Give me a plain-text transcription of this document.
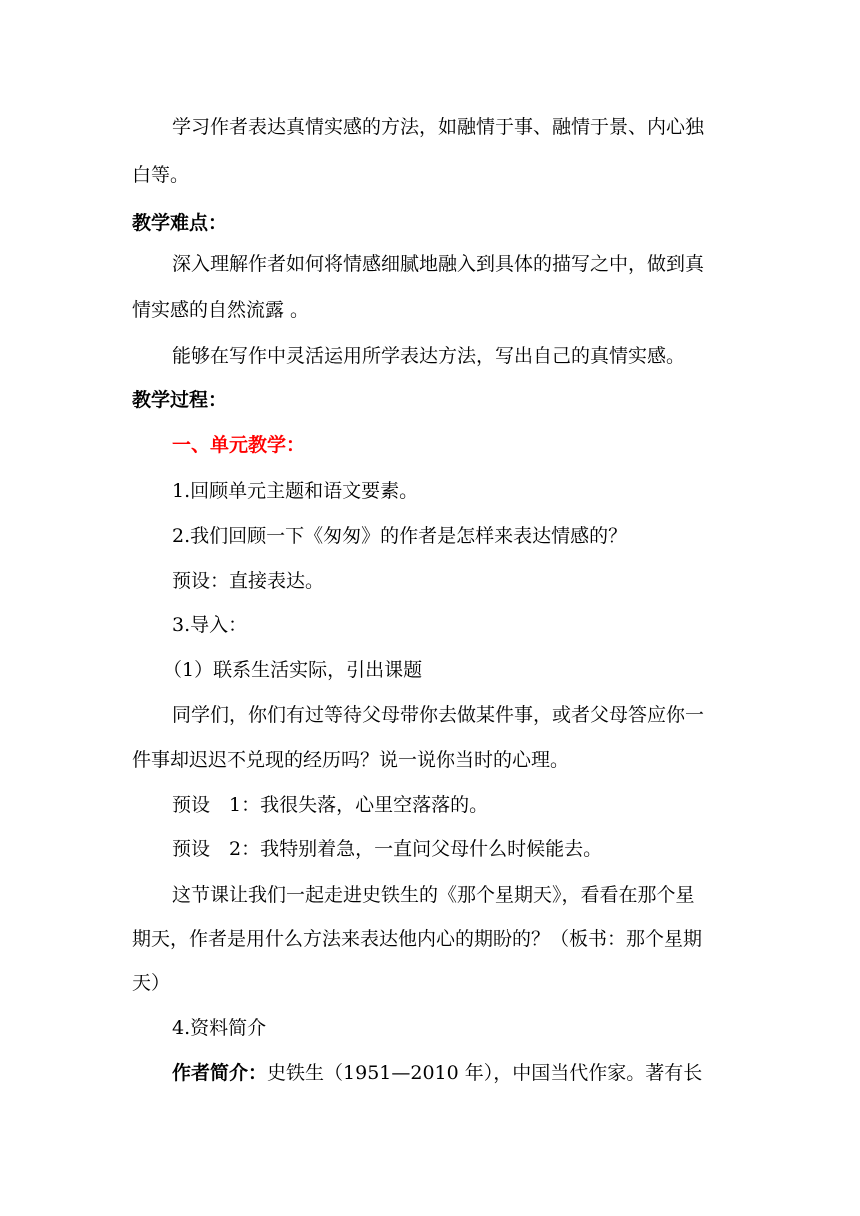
学习作者表达真情实感的方法，如融情于事、融情于景、内心独
白等。
教学难点：
深入理解作者如何将情感细腻地融入到具体的描写之中，做到真
情实感的自然流露 。
能够在写作中灵活运用所学表达方法，写出自己的真情实感。
教学过程：
一、单元教学：
1.回顾单元主题和语文要素。
2.我们回顾一下《匆匆》的作者是怎样来表达情感的？
预设：直接表达。
3.导入：
（1）联系生活实际，引出课题
同学们，你们有过等待父母带你去做某件事，或者父母答应你一
件事却迟迟不兑现的经历吗？说一说你当时的心理。
预设　1：我很失落，心里空落落的。
预设　2：我特别着急，一直问父母什么时候能去。
这节课让我们一起走进史铁生的《那个星期天》，看看在那个星
期天，作者是用什么方法来表达他内心的期盼的？（板书：那个星期
天）
4.资料简介
作者简介：史铁生（1951—2010 年），中国当代作家。著有长
